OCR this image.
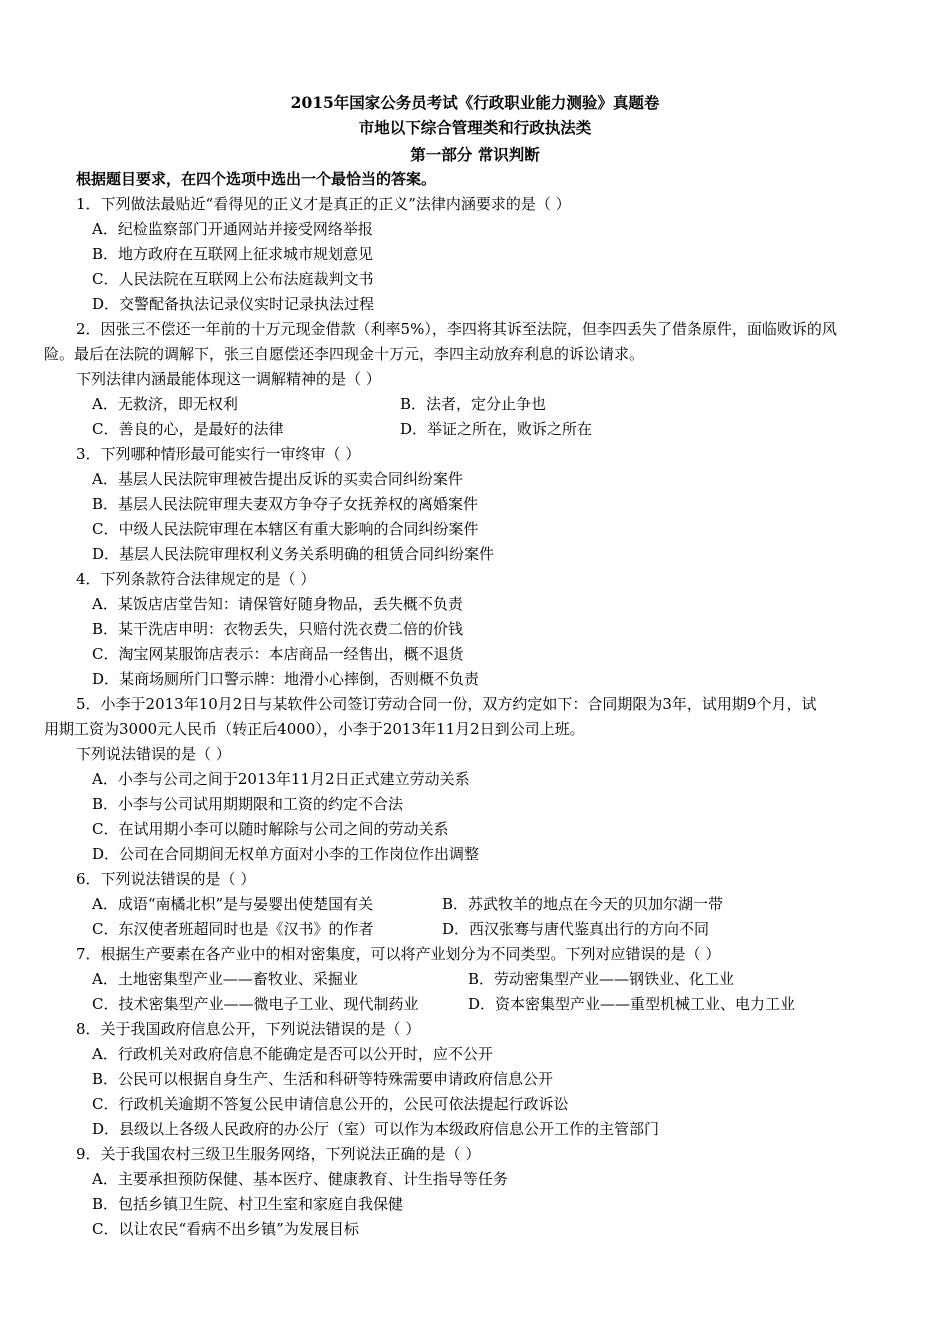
2015年国家公务员考试《行政职业能力测验》真题卷
市地以下综合管理类和行政执法类
第一部分 常识判断
根据题目要求，在四个选项中选出一个最恰当的答案。
1．下列做法最贴近“看得见的正义才是真正的正义”法律内涵要求的是（ ）
A．纪检监察部门开通网站并接受网络举报
B．地方政府在互联网上征求城市规划意见
C．人民法院在互联网上公布法庭裁判文书
D．交警配备执法记录仪实时记录执法过程
2．因张三不偿还一年前的十万元现金借款（利率5%），李四将其诉至法院，但李四丢失了借条原件，面临败诉的风
险。最后在法院的调解下，张三自愿偿还李四现金十万元，李四主动放弃利息的诉讼请求。
下列法律内涵最能体现这一调解精神的是（ ）
A．无救济，即无权利	B．法者，定分止争也
C．善良的心，是最好的法律	D．举证之所在，败诉之所在
3．下列哪种情形最可能实行一审终审（ ）
A．基层人民法院审理被告提出反诉的买卖合同纠纷案件
B．基层人民法院审理夫妻双方争夺子女抚养权的离婚案件
C．中级人民法院审理在本辖区有重大影响的合同纠纷案件
D．基层人民法院审理权利义务关系明确的租赁合同纠纷案件
4．下列条款符合法律规定的是（ ）
A．某饭店店堂告知：请保管好随身物品，丢失概不负责
B．某干洗店申明：衣物丢失，只赔付洗衣费二倍的价钱
C．淘宝网某服饰店表示：本店商品一经售出，概不退货
D．某商场厕所门口警示牌：地滑小心摔倒，否则概不负责
5．小李于2013年10月2日与某软件公司签订劳动合同一份，双方约定如下：合同期限为3年，试用期9个月，试
用期工资为3000元人民币（转正后4000），小李于2013年11月2日到公司上班。
下列说法错误的是（ ）
A．小李与公司之间于2013年11月2日正式建立劳动关系
B．小李与公司试用期期限和工资的约定不合法
C．在试用期小李可以随时解除与公司之间的劳动关系
D．公司在合同期间无权单方面对小李的工作岗位作出调整
6．下列说法错误的是（ ）
A．成语“南橘北枳”是与晏婴出使楚国有关	B．苏武牧羊的地点在今天的贝加尔湖一带
C．东汉使者班超同时也是《汉书》的作者	D．西汉张骞与唐代鉴真出行的方向不同
7．根据生产要素在各产业中的相对密集度，可以将产业划分为不同类型。下列对应错误的是（ ）
A．土地密集型产业——畜牧业、采掘业	B．劳动密集型产业——钢铁业、化工业
C．技术密集型产业——微电子工业、现代制药业	D．资本密集型产业——重型机械工业、电力工业
8．关于我国政府信息公开，下列说法错误的是（ ）
A．行政机关对政府信息不能确定是否可以公开时，应不公开
B．公民可以根据自身生产、生活和科研等特殊需要申请政府信息公开
C．行政机关逾期不答复公民申请信息公开的，公民可依法提起行政诉讼
D．县级以上各级人民政府的办公厅（室）可以作为本级政府信息公开工作的主管部门
9．关于我国农村三级卫生服务网络，下列说法正确的是（ ）
A．主要承担预防保健、基本医疗、健康教育、计生指导等任务
B．包括乡镇卫生院、村卫生室和家庭自我保健
C．以让农民“看病不出乡镇”为发展目标
